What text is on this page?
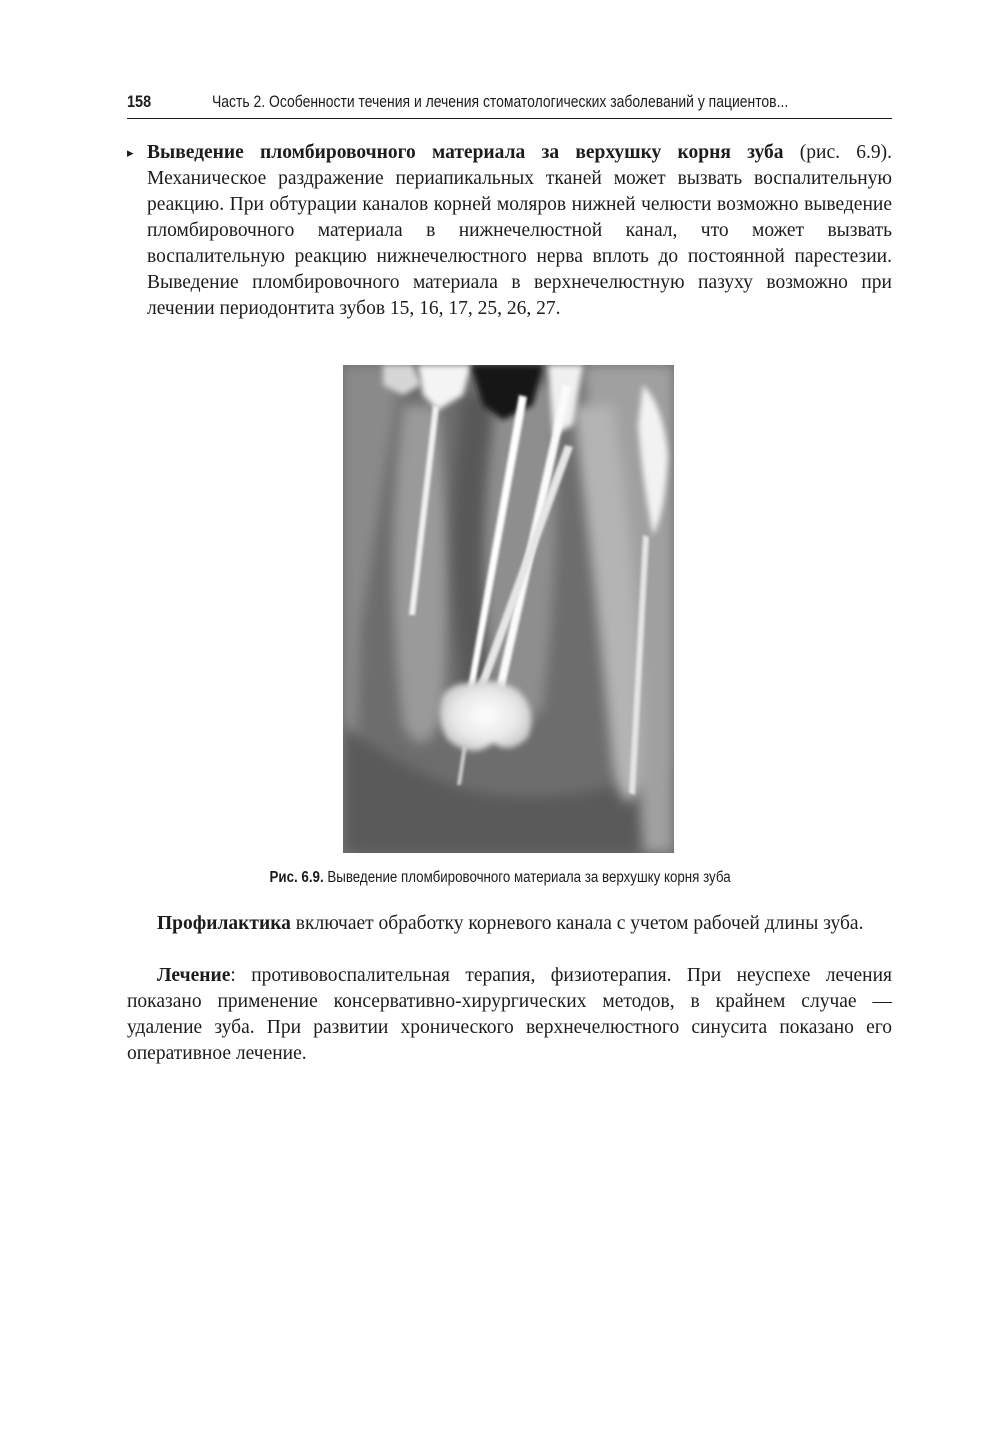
158	Часть 2. Особенности течения и лечения стоматологических заболеваний у пациентов...
▸ Выведение пломбировочного материала за верхушку корня зуба (рис. 6.9). Механическое раздражение периапикальных тканей может вызвать воспалительную реакцию. При обтурации каналов корней моляров нижней челюсти возможно выведение пломбировочного материала в нижнечелюстной канал, что может вызвать воспалительную реакцию нижнечелюстного нерва вплоть до постоянной парестезии. Выведение пломбировочного материала в верхнечелюстную пазуху возможно при лечении периодонтита зубов 15, 16, 17, 25, 26, 27.
Рис. 6.9. Выведение пломбировочного материала за верхушку корня зуба
Профилактика включает обработку корневого канала с учетом рабочей длины зуба.
Лечение: противовоспалительная терапия, физиотерапия. При неуспехе лечения показано применение консервативно-хирургических методов, в крайнем случае — удаление зуба. При развитии хронического верхнечелюстного синусита показано его оперативное лечение.
